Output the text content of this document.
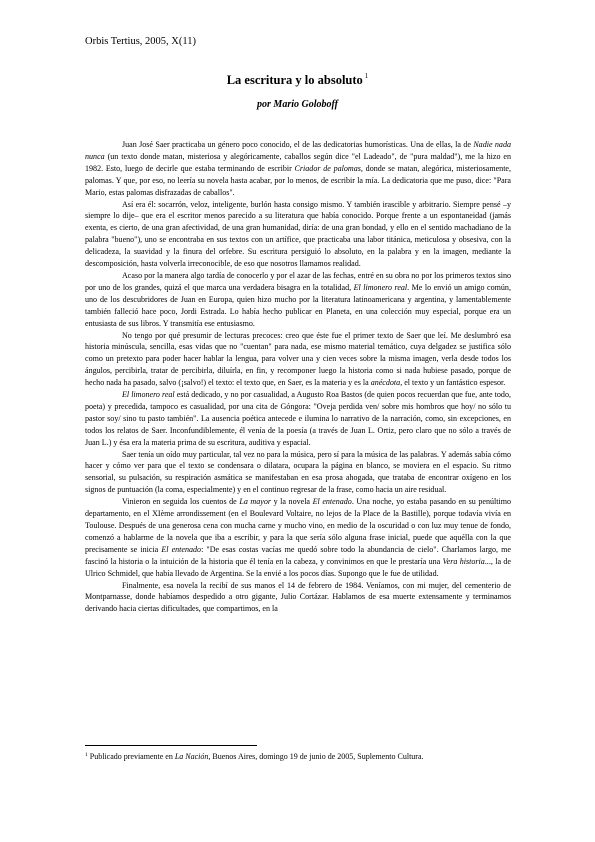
Orbis Tertius, 2005, X(11)
La escritura y lo absoluto $^1$
por Mario Goloboff

Juan José Saer practicaba un género poco conocido, el de las dedicatorias humorísticas. Una de ellas, la de Nadie nada nunca (un texto donde matan, misteriosa y alegóricamente, caballos según dice "el Ladeado", de "pura maldad"), me la hizo en 1982. Esto, luego de decirle que estaba terminando de escribir Criador de palomas, donde se matan, alegórica, misteriosamente, palomas. Y que, por eso, no leería su novela hasta acabar, por lo menos, de escribir la mía. La dedicatoria que me puso, dice: "Para Mario, estas palomas disfrazadas de caballos".

Así era él: socarrón, veloz, inteligente, burlón hasta consigo mismo. Y también irascible y arbitrario. Siempre pensé –y siempre lo dije– que era el escritor menos parecido a su literatura que había conocido. Porque frente a un espontaneidad (jamás exenta, es cierto, de una gran afectividad, de una gran humanidad, diría: de una gran bondad, y ello en el sentido machadiano de la palabra "bueno"), uno se encontraba en sus textos con un artífice, que practicaba una labor titánica, meticulosa y obsesiva, con la delicadeza, la suavidad y la finura del orfebre. Su escritura persiguió lo absoluto, en la palabra y en la imagen, mediante la descomposición, hasta volverla irreconocible, de eso que nosotros llamamos realidad.

Acaso por la manera algo tardía de conocerlo y por el azar de las fechas, entré en su obra no por los primeros textos sino por uno de los grandes, quizá el que marca una verdadera bisagra en la totalidad, El limonero real. Me lo envió un amigo común, uno de los descubridores de Juan en Europa, quien hizo mucho por la literatura latinoamericana y argentina, y lamentablemente también falleció hace poco, Jordi Estrada. Lo había hecho publicar en Planeta, en una colección muy especial, porque era un entusiasta de sus libros. Y transmitía ese entusiasmo.

No tengo por qué presumir de lecturas precoces: creo que éste fue el primer texto de Saer que leí. Me deslumbró esa historia minúscula, sencilla, esas vidas que no "cuentan" para nada, ese mismo material temático, cuya delgadez se justifica sólo como un pretexto para poder hacer hablar la lengua, para volver una y cien veces sobre la misma imagen, verla desde todos los ángulos, percibirla, tratar de percibirla, diluírla, en fin, y recomponer luego la historia como si nada hubiese pasado, porque de hecho nada ha pasado, salvo (¡salvo!) el texto: el texto que, en Saer, es la materia y es la anécdota, el texto y un fantástico espesor.

El limonero real está dedicado, y no por casualidad, a Augusto Roa Bastos (de quien pocos recuerdan que fue, ante todo, poeta) y precedida, tampoco es casualidad, por una cita de Góngora: "Oveja perdida ven/ sobre mis hombros que hoy/ no sólo tu pastor soy/ sino tu pasto también". La ausencia poética antecede e ilumina lo narrativo de la narración, como, sin excepciones, en todos los relatos de Saer. Inconfundiblemente, él venía de la poesía (a través de Juan L. Ortiz, pero claro que no sólo a través de Juan L.) y ésa era la materia prima de su escritura, auditiva y espacial.

Saer tenía un oído muy particular, tal vez no para la música, pero sí para la música de las palabras. Y además sabía cómo hacer y cómo ver para que el texto se condensara o dilatara, ocupara la página en blanco, se moviera en el espacio. Su ritmo sensorial, su pulsación, su respiración asmática se manifestaban en esa prosa ahogada, que trataba de encontrar oxígeno en los signos de puntuación (la coma, especialmente) y en el continuo regresar de la frase, como hacia un aire residual.

Vinieron en seguida los cuentos de La mayor y la novela El entenado. Una noche, yo estaba pasando en su penúltimo departamento, en el XIème arrondissement (en el Boulevard Voltaire, no lejos de la Place de la Bastille), porque todavía vivía en Toulouse. Después de una generosa cena con mucha carne y mucho vino, en medio de la oscuridad o con luz muy tenue de fondo, comenzó a hablarme de la novela que iba a escribir, y para la que sería sólo alguna frase inicial, puede que aquélla con la que precisamente se inicia El entenado: "De esas costas vacías me quedó sobre todo la abundancia de cielo". Charlamos largo, me fascinó la historia o la intuición de la historia que él tenía en la cabeza, y convinimos en que le prestaría una Vera historia..., la de Ulrico Schmidel, que había llevado de Argentina. Se la envié a los pocos días. Supongo que le fue de utilidad.

Finalmente, esa novela la recibí de sus manos el 14 de febrero de 1984. Veníamos, con mi mujer, del cementerio de Montparnasse, donde habíamos despedido a otro gigante, Julio Cortázar. Hablamos de esa muerte extensamente y terminamos derivando hacia ciertas dificultades, que compartimos, en la

$^1$ Publicado previamente en La Nación, Buenos Aires, domingo 19 de junio de 2005, Suplemento Cultura.
